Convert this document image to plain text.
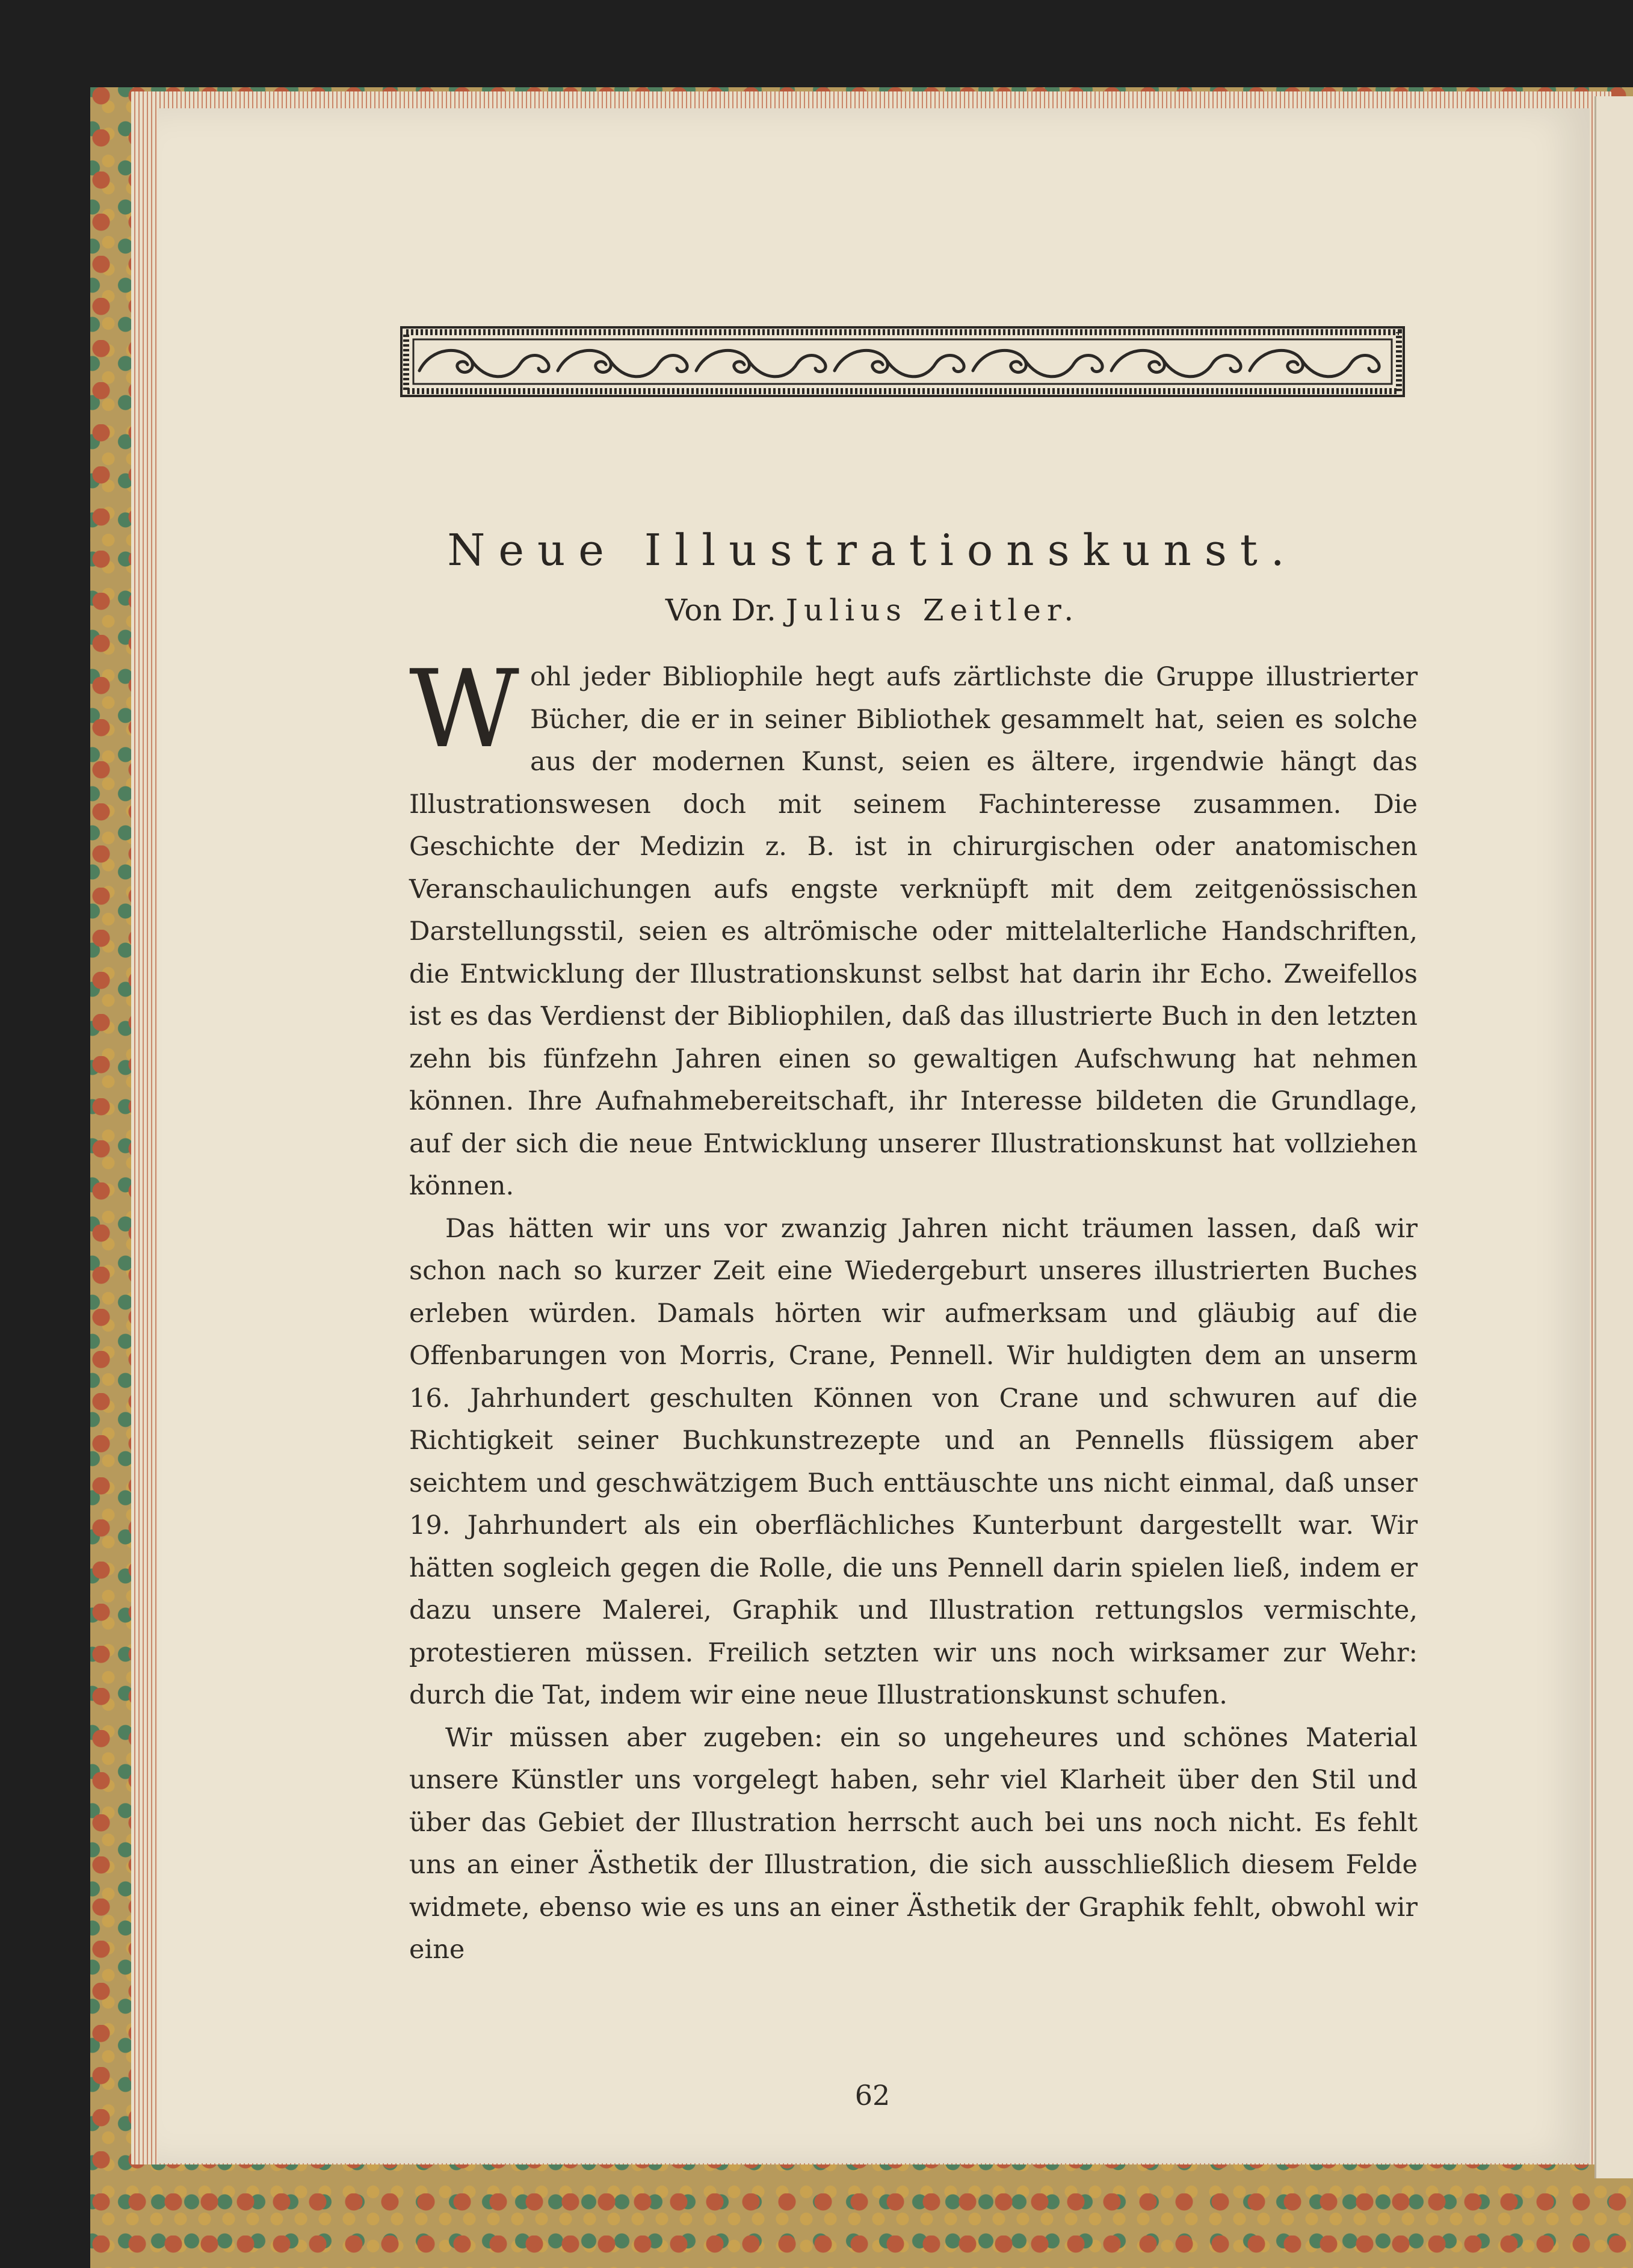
Neue Illustrationskunst.
Von Dr. Julius Zeitler.

Wohl jeder Bibliophile hegt aufs zärtlichste die Gruppe illustrierter Bücher, die er in seiner Bibliothek gesammelt hat, seien es solche aus der modernen Kunst, seien es ältere, irgendwie hängt das Illustrationswesen doch mit seinem Fachinteresse zusammen. Die Geschichte der Medizin z. B. ist in chirurgischen oder anatomischen Veranschaulichungen aufs engste verknüpft mit dem zeitgenössischen Darstellungsstil, seien es altrömische oder mittelalterliche Handschriften, die Entwicklung der Illustrationskunst selbst hat darin ihr Echo. Zweifellos ist es das Verdienst der Bibliophilen, daß das illustrierte Buch in den letzten zehn bis fünfzehn Jahren einen so gewaltigen Aufschwung hat nehmen können. Ihre Aufnahmebereitschaft, ihr Interesse bildeten die Grundlage, auf der sich die neue Entwicklung unserer Illustrationskunst hat vollziehen können.

Das hätten wir uns vor zwanzig Jahren nicht träumen lassen, daß wir schon nach so kurzer Zeit eine Wiedergeburt unseres illustrierten Buches erleben würden. Damals hörten wir aufmerksam und gläubig auf die Offenbarungen von Morris, Crane, Pennell. Wir huldigten dem an unserm 16. Jahrhundert geschulten Können von Crane und schwuren auf die Richtigkeit seiner Buchkunstrezepte und an Pennells flüssigem aber seichtem und geschwätzigem Buch enttäuschte uns nicht einmal, daß unser 19. Jahrhundert als ein oberflächliches Kunterbunt dargestellt war. Wir hätten sogleich gegen die Rolle, die uns Pennell darin spielen ließ, indem er dazu unsere Malerei, Graphik und Illustration rettungslos vermischte, protestieren müssen. Freilich setzten wir uns noch wirksamer zur Wehr: durch die Tat, indem wir eine neue Illustrationskunst schufen.

Wir müssen aber zugeben: ein so ungeheures und schönes Material unsere Künstler uns vorgelegt haben, sehr viel Klarheit über den Stil und über das Gebiet der Illustration herrscht auch bei uns noch nicht. Es fehlt uns an einer Ästhetik der Illustration, die sich ausschließlich diesem Felde widmete, ebenso wie es uns an einer Ästhetik der Graphik fehlt, obwohl wir eine

62
